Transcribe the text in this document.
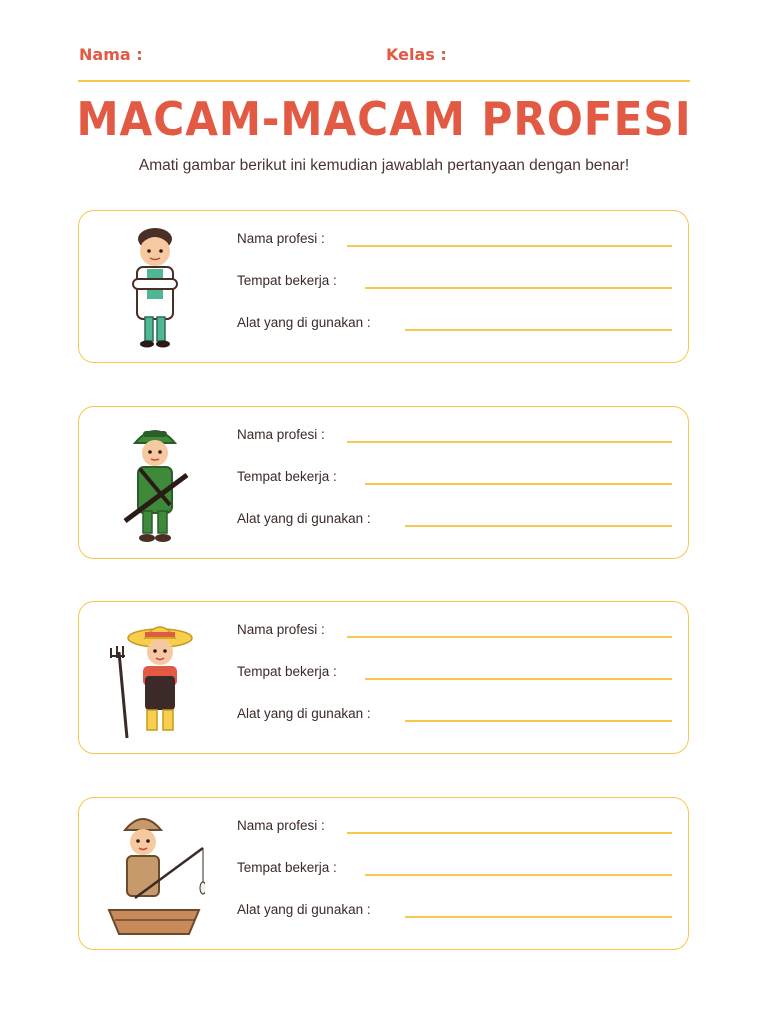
Nama :	Kelas :
MACAM-MACAM PROFESI
Amati gambar berikut ini kemudian jawablah pertanyaan dengan benar!
Nama profesi :
Tempat bekerja :
Alat yang di gunakan :
Nama profesi :
Tempat bekerja :
Alat yang di gunakan :
Nama profesi :
Tempat bekerja :
Alat yang di gunakan :
Nama profesi :
Tempat bekerja :
Alat yang di gunakan :
